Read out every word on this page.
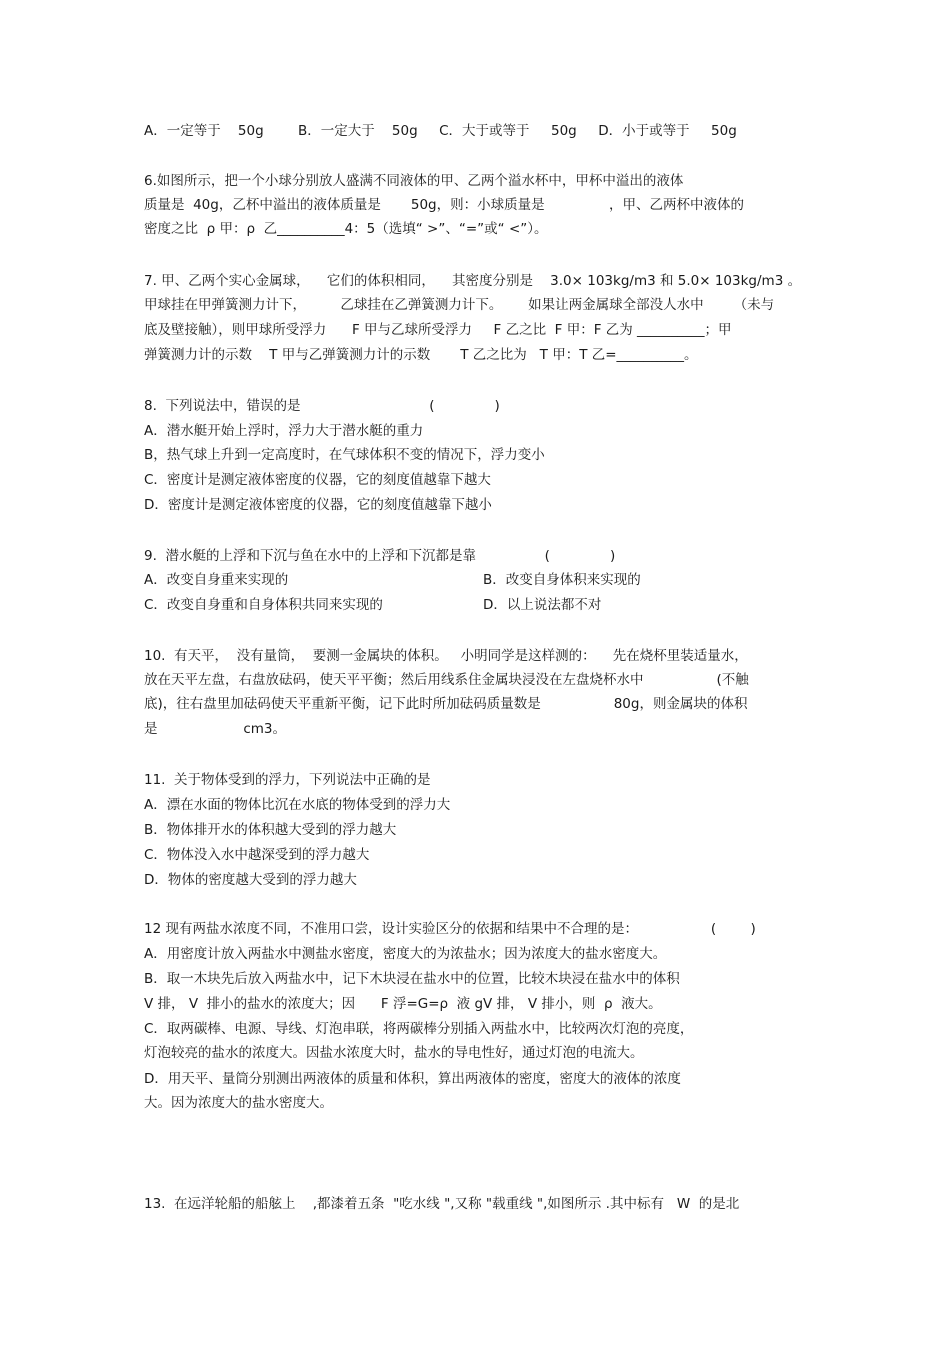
A．一定等于    50g        B．一定大于    50g     C．大于或等于     50g     D．小于或等于     50g
6.如图所示，把一个小球分别放人盛满不同液体的甲、乙两个溢水杯中，甲杯中溢出的液体
质量是  40g，乙杯中溢出的液体质量是       50g，则：小球质量是               ，甲、乙两杯中液体的
密度之比  ρ 甲：ρ  乙__________4：5（选填“ >”、“=”或“ <”）。
7. 甲、乙两个实心金属球，    它们的体积相同，    其密度分别是    3.0× 103kg/m3 和 5.0× 103kg/m3 。
甲球挂在甲弹簧测力计下，        乙球挂在乙弹簧测力计下。      如果让两金属球全部没人水中       （未与
底及壁接触），则甲球所受浮力      F 甲与乙球所受浮力     F 乙之比  F 甲：F 乙为 __________；甲
弹簧测力计的示数    T 甲与乙弹簧测力计的示数       T 乙之比为   T 甲：T 乙=__________。
8.  下列说法中，错误的是                              (              )
A．潜水艇开始上浮时，浮力大于潜水艇的重力
B，热气球上升到一定高度时，在气球体积不变的情况下，浮力变小
C．密度计是测定液体密度的仪器，它的刻度值越靠下越大
D．密度计是测定液体密度的仪器，它的刻度值越靠下越小
9.  潜水艇的上浮和下沉与鱼在水中的上浮和下沉都是靠                (              )
A．改变自身重来实现的	B．改变自身体积来实现的
C．改变自身重和自身体积共同来实现的	D．以上说法都不对
10.  有天平，  没有量筒，  要测一金属块的体积。   小明同学是这样测的：    先在烧杯里装适量水，
放在天平左盘，右盘放砝码，使天平平衡；然后用线系住金属块浸没在左盘烧杯水中                 (不触
底)，往右盘里加砝码使天平重新平衡，记下此时所加砝码质量数是                 80g，则金属块的体积
是                    cm3。
11.  关于物体受到的浮力，下列说法中正确的是
A．漂在水面的物体比沉在水底的物体受到的浮力大
B．物体排开水的体积越大受到的浮力越大
C．物体没入水中越深受到的浮力越大
D．物体的密度越大受到的浮力越大
12 现有两盐水浓度不同，不准用口尝，设计实验区分的依据和结果中不合理的是：                 (        )
A．用密度计放入两盐水中测盐水密度，密度大的为浓盐水；因为浓度大的盐水密度大。
B．取一木块先后放入两盐水中，记下木块浸在盐水中的位置，比较木块浸在盐水中的体积
V 排， V  排小的盐水的浓度大；因      F 浮=G=ρ  液 gV 排， V 排小，则  ρ  液大。
C．取两碳棒、电源、导线、灯泡串联，将两碳棒分别插入两盐水中，比较两次灯泡的亮度，
灯泡较亮的盐水的浓度大。因盐水浓度大时，盐水的导电性好，通过灯泡的电流大。
D．用天平、量筒分别测出两液体的质量和体积，算出两液体的密度，密度大的液体的浓度
大。因为浓度大的盐水密度大。
13.  在远洋轮船的船舷上    ,都漆着五条  "吃水线 ",又称 "载重线 ",如图所示 .其中标有   W  的是北
